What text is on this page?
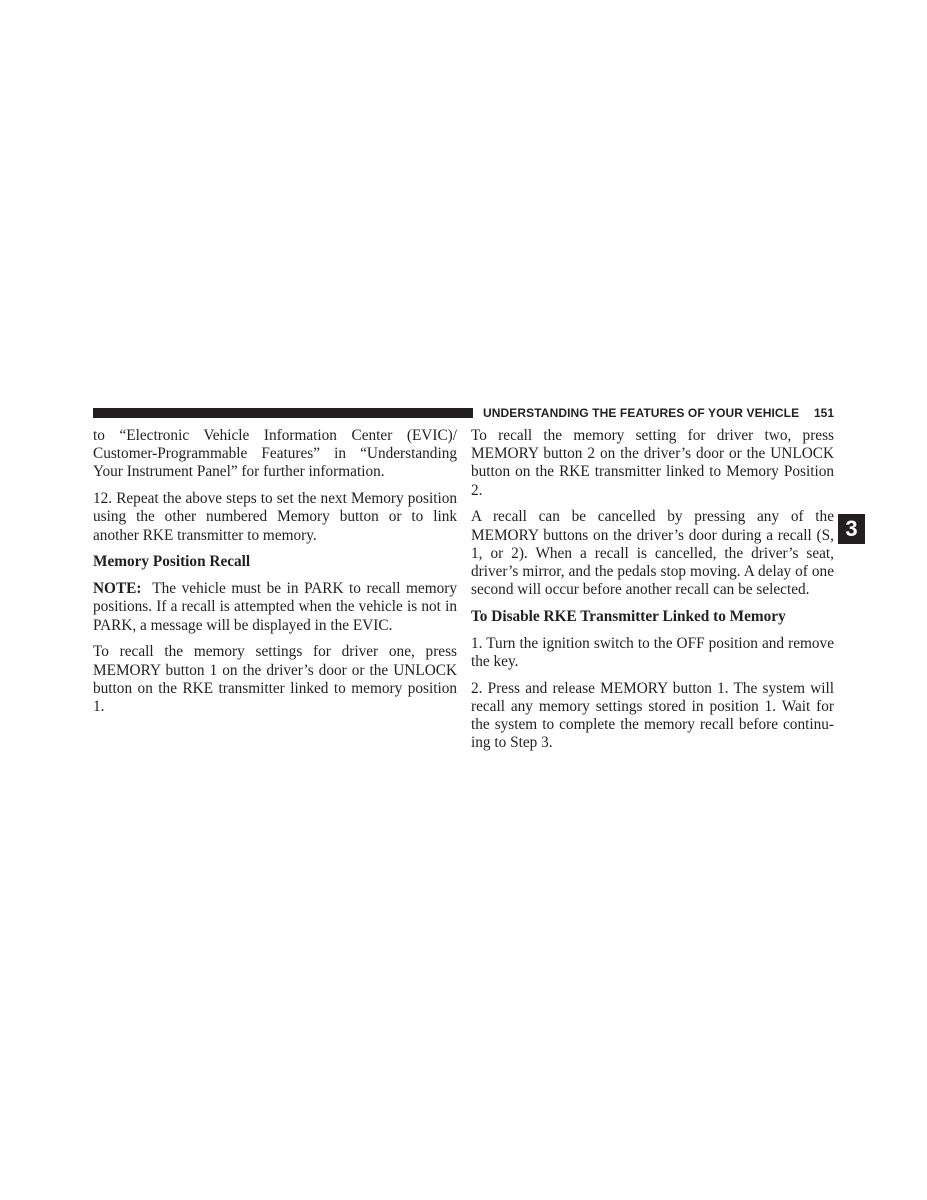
UNDERSTANDING THE FEATURES OF YOUR VEHICLE 151
3

to “Electronic Vehicle Information Center (EVIC)/ Customer-Programmable Features” in “Understanding Your Instrument Panel” for further information.

12. Repeat the above steps to set the next Memory position using the other numbered Memory button or to link another RKE transmitter to memory.

Memory Position Recall

NOTE: The vehicle must be in PARK to recall memory positions. If a recall is attempted when the vehicle is not in PARK, a message will be displayed in the EVIC.

To recall the memory settings for driver one, press MEMORY button 1 on the driver’s door or the UNLOCK button on the RKE transmitter linked to memory position 1.

To recall the memory setting for driver two, press MEMORY button 2 on the driver’s door or the UNLOCK button on the RKE transmitter linked to Memory Position 2.

A recall can be cancelled by pressing any of the MEMORY buttons on the driver’s door during a recall (S, 1, or 2). When a recall is cancelled, the driver’s seat, driver’s mirror, and the pedals stop moving. A delay of one second will occur before another recall can be selected.

To Disable RKE Transmitter Linked to Memory

1. Turn the ignition switch to the OFF position and remove the key.

2. Press and release MEMORY button 1. The system will recall any memory settings stored in position 1. Wait for the system to complete the memory recall before continuing to Step 3.
